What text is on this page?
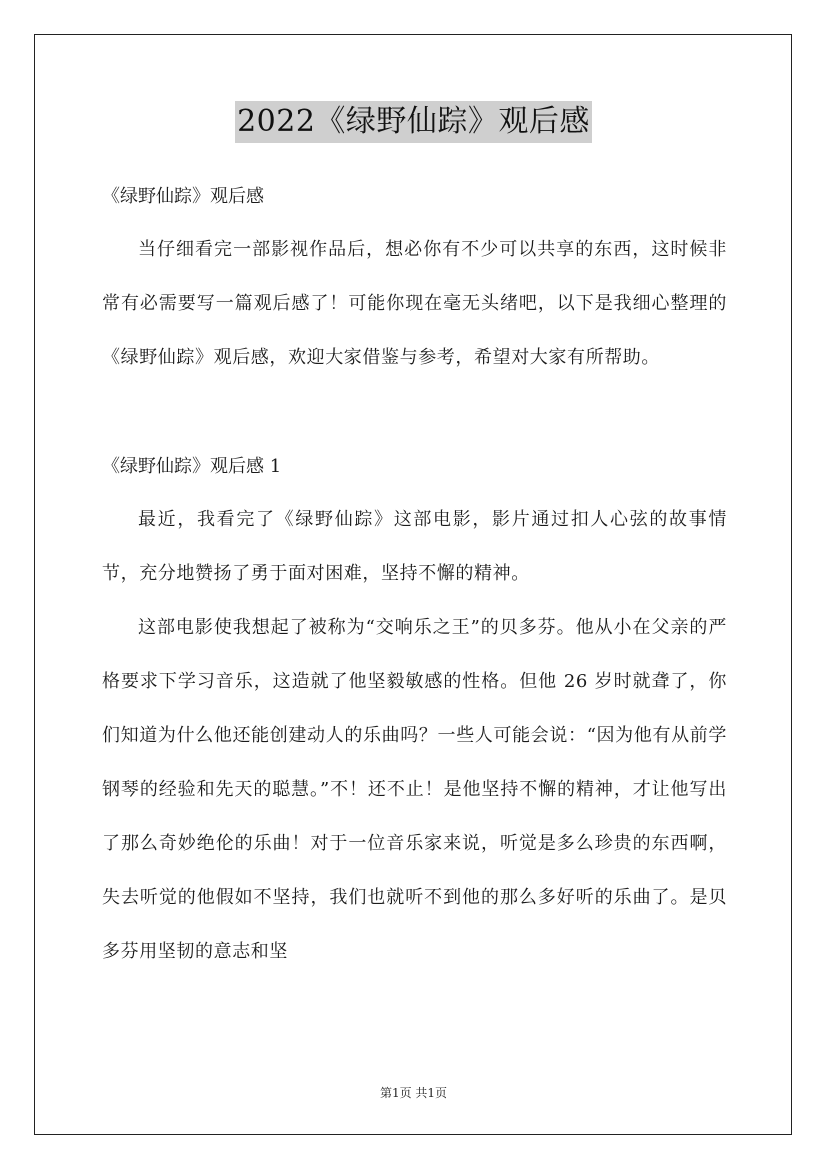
2022《绿野仙踪》观后感

《绿野仙踪》观后感

当仔细看完一部影视作品后，想必你有不少可以共享的东西，这时候非常有必需要写一篇观后感了！可能你现在毫无头绪吧，以下是我细心整理的《绿野仙踪》观后感，欢迎大家借鉴与参考，希望对大家有所帮助。

《绿野仙踪》观后感 1

最近，我看完了《绿野仙踪》这部电影，影片通过扣人心弦的故事情节，充分地赞扬了勇于面对困难，坚持不懈的精神。

这部电影使我想起了被称为“交响乐之王”的贝多芬。他从小在父亲的严格要求下学习音乐，这造就了他坚毅敏感的性格。但他 26 岁时就聋了，你们知道为什么他还能创建动人的乐曲吗？一些人可能会说：“因为他有从前学钢琴的经验和先天的聪慧。”不！还不止！是他坚持不懈的精神，才让他写出了那么奇妙绝伦的乐曲！对于一位音乐家来说，听觉是多么珍贵的东西啊，失去听觉的他假如不坚持，我们也就听不到他的那么多好听的乐曲了。是贝多芬用坚韧的意志和坚

第1页 共1页
